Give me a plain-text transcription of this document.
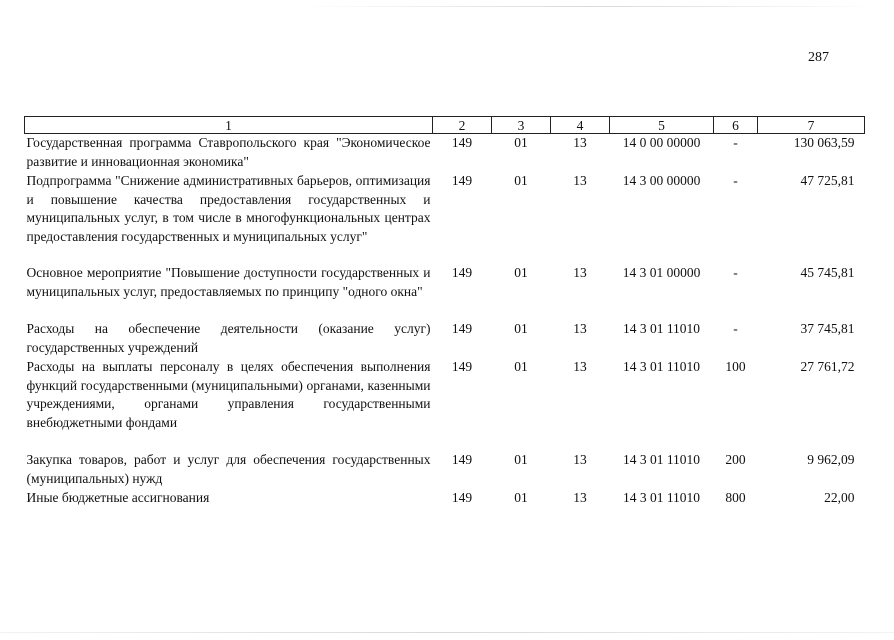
287
1	2	3	4	5	6	7
Государственная программа Ставропольского края "Экономическое развитие и инновационная экономика"	149	01	13	14 0 00 00000	-	130 063,59
Подпрограмма "Снижение административных барьеров, оптимизация и повышение качества предоставления государственных и муниципальных услуг, в том числе в многофункциональных центрах предоставления государственных и муниципальных услуг"	149	01	13	14 3 00 00000	-	47 725,81
Основное мероприятие "Повышение доступности государственных и муниципальных услуг, предоставляемых по принципу "одного окна"	149	01	13	14 3 01 00000	-	45 745,81
Расходы на обеспечение деятельности (оказание услуг) государственных учреждений	149	01	13	14 3 01 11010	-	37 745,81
Расходы на выплаты персоналу в целях обеспечения выполнения функций государственными (муниципальными) органами, казенными учреждениями, органами управления государственными внебюджетными фондами	149	01	13	14 3 01 11010	100	27 761,72
Закупка товаров, работ и услуг для обеспечения государственных (муниципальных) нужд	149	01	13	14 3 01 11010	200	9 962,09
Иные бюджетные ассигнования	149	01	13	14 3 01 11010	800	22,00
